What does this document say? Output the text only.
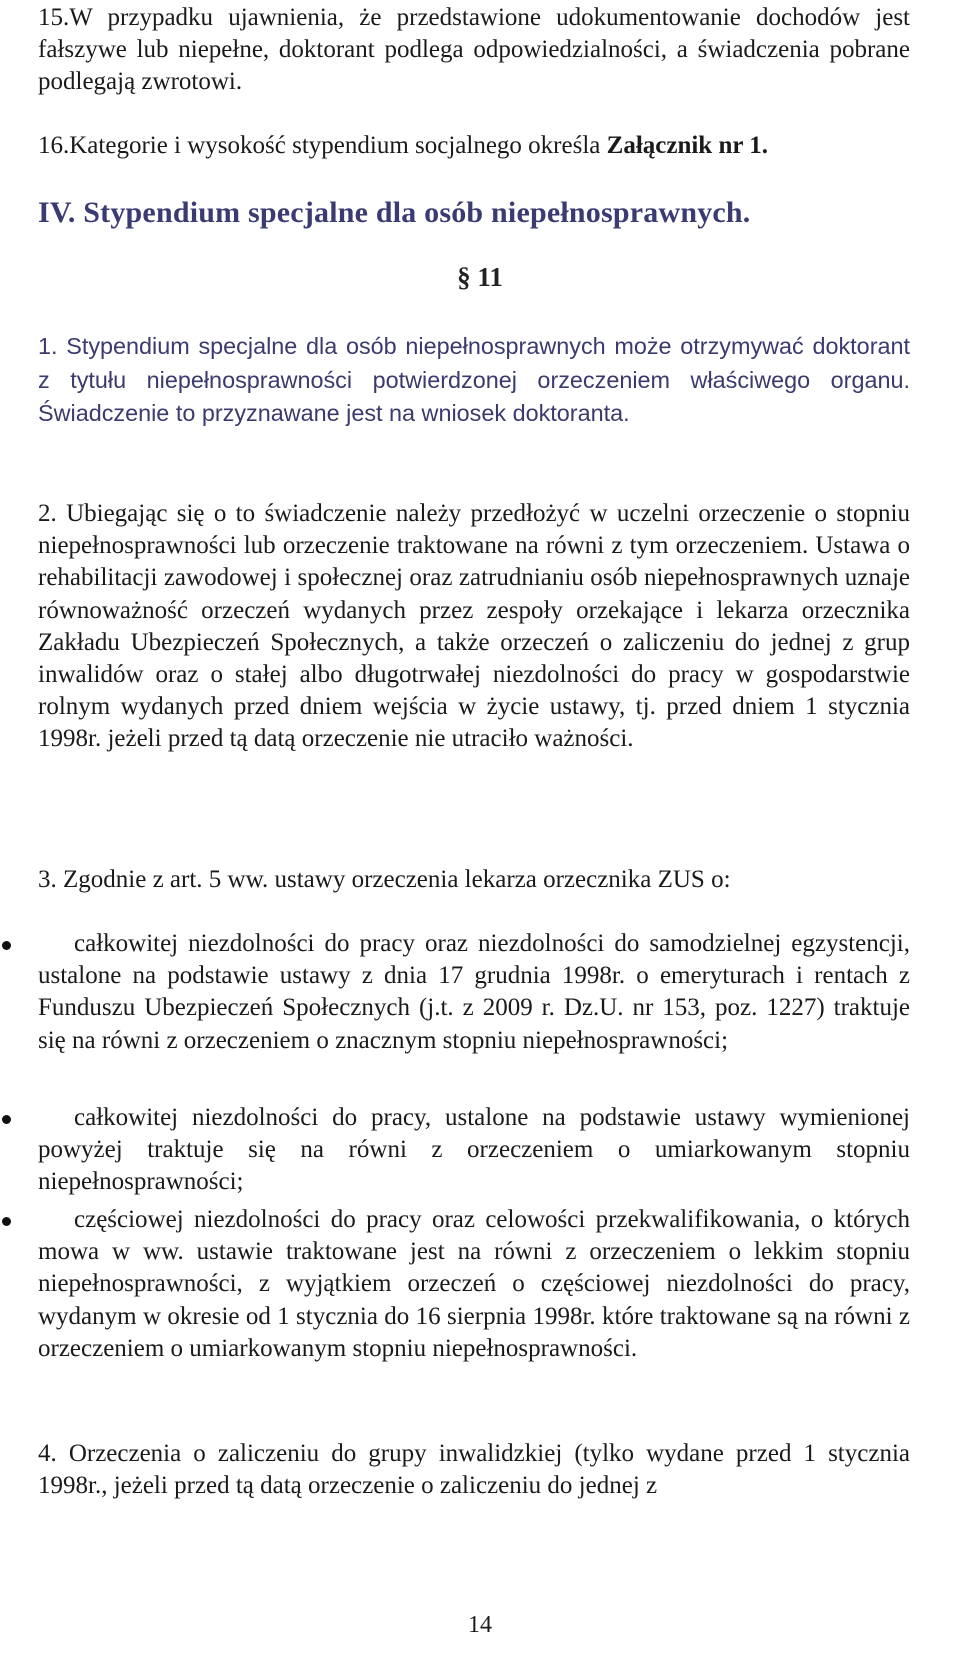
15.W przypadku ujawnienia, że przedstawione udokumentowanie dochodów jest fałszywe lub niepełne, doktorant podlega odpowiedzialności, a świadczenia pobrane podlegają zwrotowi.

16.Kategorie i wysokość stypendium socjalnego określa Załącznik nr 1.

IV. Stypendium specjalne dla osób niepełnosprawnych.
§ 11

1. Stypendium specjalne dla osób niepełnosprawnych może otrzymywać doktorant z tytułu niepełnosprawności potwierdzonej orzeczeniem właściwego organu. Świadczenie to przyznawane jest na wniosek doktoranta.

2. Ubiegając się o to świadczenie należy przedłożyć w uczelni orzeczenie o stopniu niepełnosprawności lub orzeczenie traktowane na równi z tym orzeczeniem. Ustawa o rehabilitacji zawodowej i społecznej oraz zatrudnianiu osób niepełnosprawnych uznaje równoważność orzeczeń wydanych przez zespoły orzekające i lekarza orzecznika Zakładu Ubezpieczeń Społecznych, a także orzeczeń o zaliczeniu do jednej z grup inwalidów oraz o stałej albo długotrwałej niezdolności do pracy w gospodarstwie rolnym wydanych przed dniem wejścia w życie ustawy, tj. przed dniem 1 stycznia 1998r. jeżeli przed tą datą orzeczenie nie utraciło ważności.

3. Zgodnie z art. 5 ww. ustawy orzeczenia lekarza orzecznika ZUS o:

całkowitej niezdolności do pracy oraz niezdolności do samodzielnej egzystencji, ustalone na podstawie ustawy z dnia 17 grudnia 1998r. o emeryturach i rentach z Funduszu Ubezpieczeń Społecznych (j.t. z 2009 r. Dz.U. nr 153, poz. 1227) traktuje się na równi z orzeczeniem o znacznym stopniu niepełnosprawności;

całkowitej niezdolności do pracy, ustalone na podstawie ustawy wymienionej powyżej traktuje się na równi z orzeczeniem o umiarkowanym stopniu niepełnosprawności;

częściowej niezdolności do pracy oraz celowości przekwalifikowania, o których mowa w ww. ustawie traktowane jest na równi z orzeczeniem o lekkim stopniu niepełnosprawności, z wyjątkiem orzeczeń o częściowej niezdolności do pracy, wydanym w okresie od 1 stycznia do 16 sierpnia 1998r. które traktowane są na równi z orzeczeniem o umiarkowanym stopniu niepełnosprawności.

4. Orzeczenia o zaliczeniu do grupy inwalidzkiej (tylko wydane przed 1 stycznia 1998r., jeżeli przed tą datą orzeczenie o zaliczeniu do jednej z

14
